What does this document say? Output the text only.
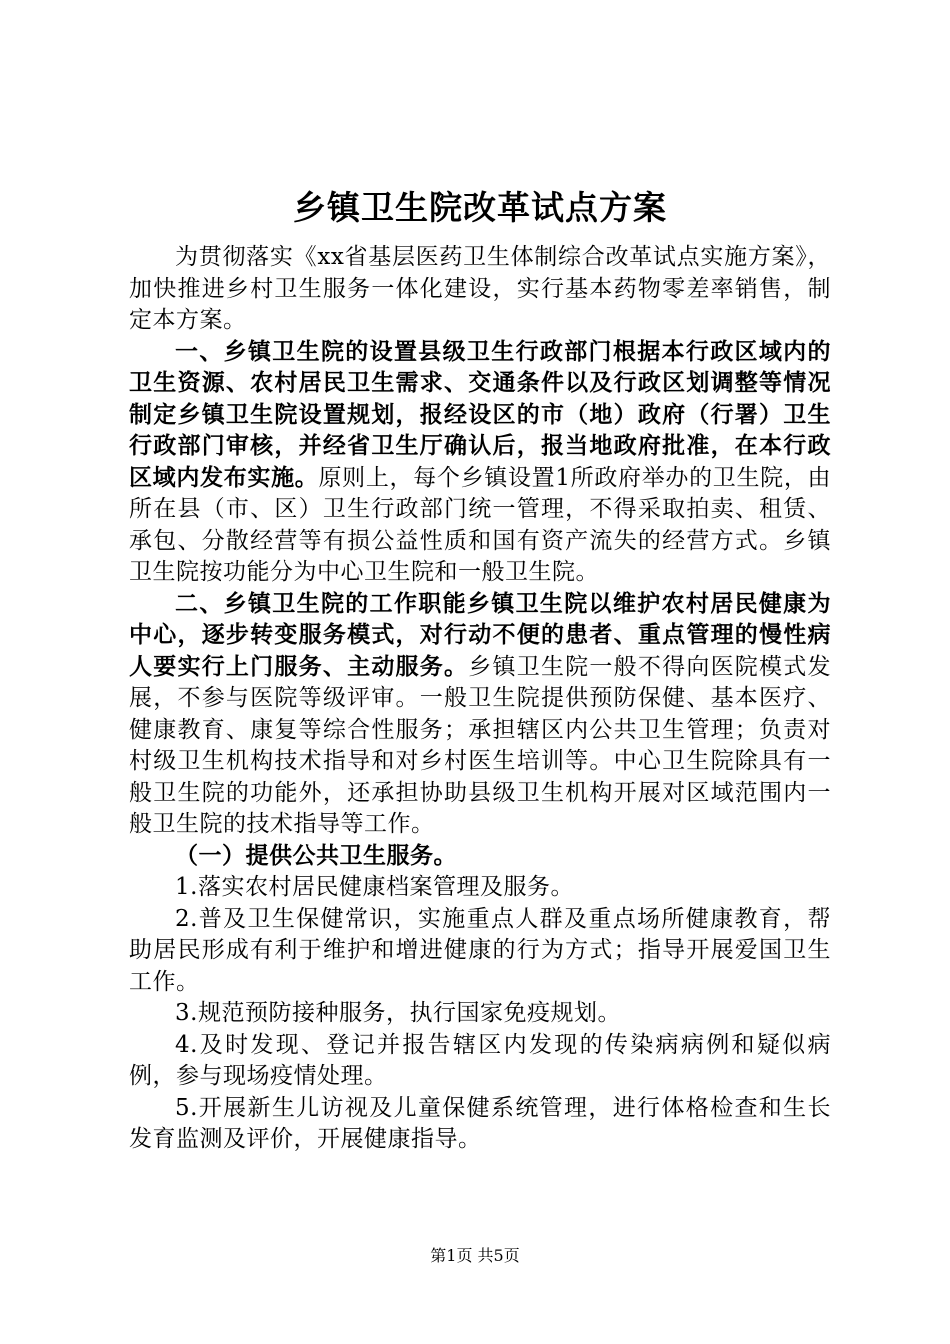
乡镇卫生院改革试点方案

为贯彻落实《xx省基层医药卫生体制综合改革试点实施方案》，加快推进乡村卫生服务一体化建设，实行基本药物零差率销售，制定本方案。

一、乡镇卫生院的设置县级卫生行政部门根据本行政区域内的卫生资源、农村居民卫生需求、交通条件以及行政区划调整等情况制定乡镇卫生院设置规划，报经设区的市（地）政府（行署）卫生行政部门审核，并经省卫生厅确认后，报当地政府批准，在本行政区域内发布实施。原则上，每个乡镇设置1所政府举办的卫生院，由所在县（市、区）卫生行政部门统一管理，不得采取拍卖、租赁、承包、分散经营等有损公益性质和国有资产流失的经营方式。乡镇卫生院按功能分为中心卫生院和一般卫生院。

二、乡镇卫生院的工作职能乡镇卫生院以维护农村居民健康为中心，逐步转变服务模式，对行动不便的患者、重点管理的慢性病人要实行上门服务、主动服务。乡镇卫生院一般不得向医院模式发展，不参与医院等级评审。一般卫生院提供预防保健、基本医疗、健康教育、康复等综合性服务；承担辖区内公共卫生管理；负责对村级卫生机构技术指导和对乡村医生培训等。中心卫生院除具有一般卫生院的功能外，还承担协助县级卫生机构开展对区域范围内一般卫生院的技术指导等工作。

（一）提供公共卫生服务。

1.落实农村居民健康档案管理及服务。

2.普及卫生保健常识，实施重点人群及重点场所健康教育，帮助居民形成有利于维护和增进健康的行为方式；指导开展爱国卫生工作。

3.规范预防接种服务，执行国家免疫规划。

4.及时发现、登记并报告辖区内发现的传染病病例和疑似病例，参与现场疫情处理。

5.开展新生儿访视及儿童保健系统管理，进行体格检查和生长发育监测及评价，开展健康指导。

第1页 共5页
